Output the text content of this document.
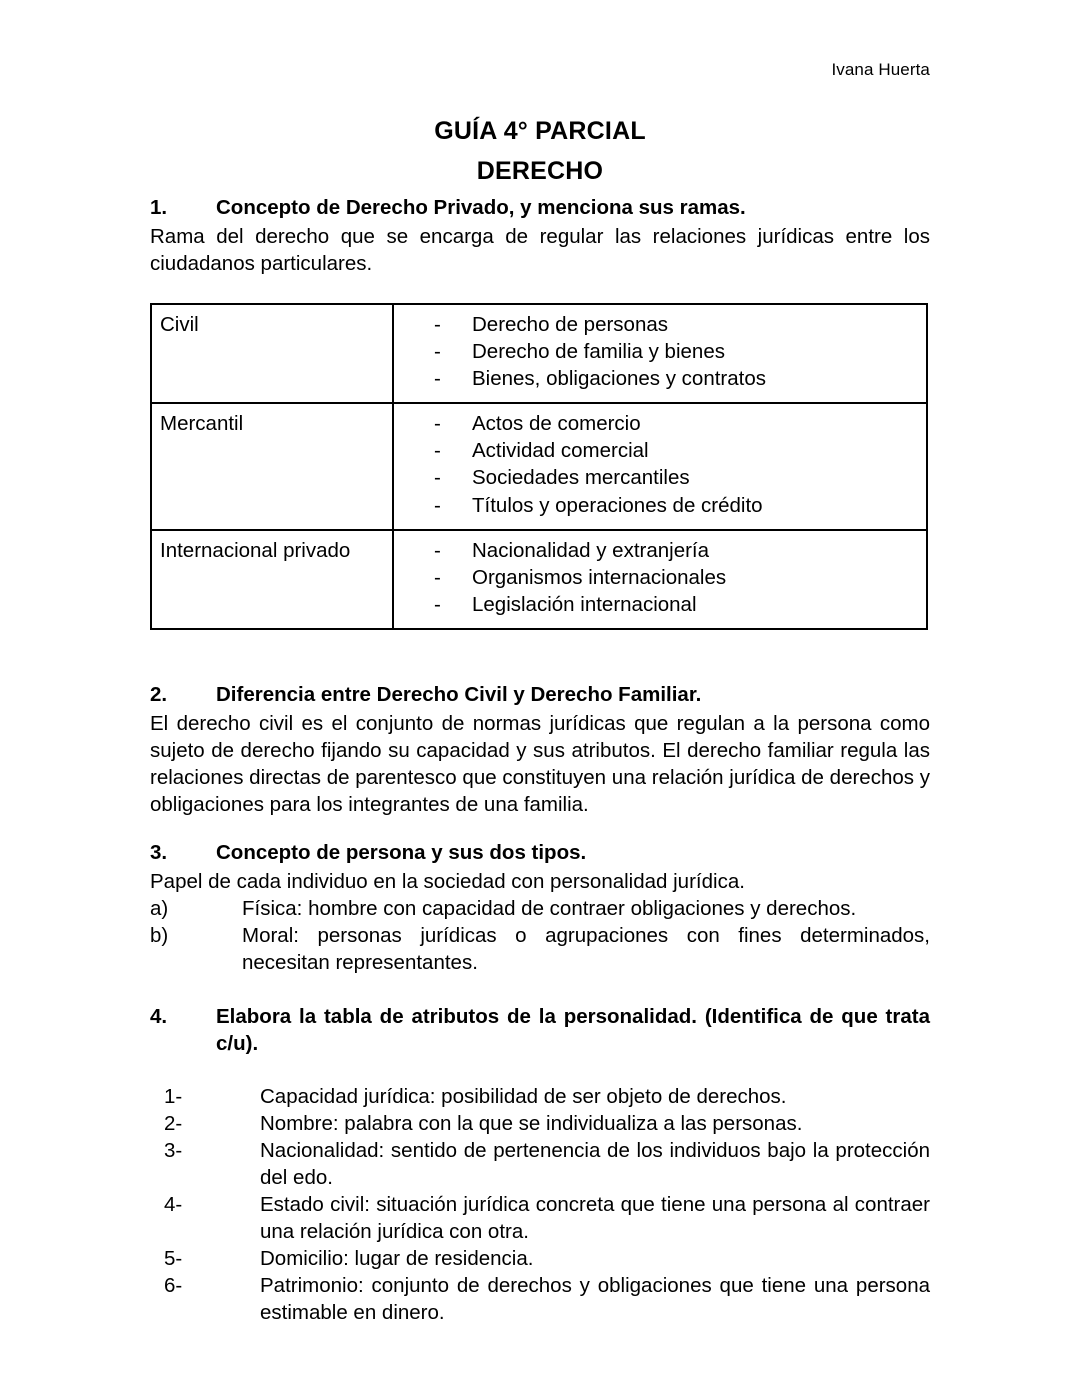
Ivana Huerta
GUÍA 4° PARCIAL
DERECHO
1. Concepto de Derecho Privado, y menciona sus ramas.
Rama del derecho que se encarga de regular las relaciones jurídicas entre los ciudadanos particulares.
Civil	-	Derecho de personas
-	Derecho de familia y bienes
-	Bienes, obligaciones y contratos

Mercantil	-	Actos de comercio
-	Actividad comercial
-	Sociedades mercantiles
-	Títulos y operaciones de crédito

Internacional privado	-	Nacionalidad y extranjería
-	Organismos internacionales
-	Legislación internacional
2. Diferencia entre Derecho Civil y Derecho Familiar.
El derecho civil es el conjunto de normas jurídicas que regulan a la persona como sujeto de derecho fijando su capacidad y sus atributos. El derecho familiar regula las relaciones directas de parentesco que constituyen una relación jurídica de derechos y obligaciones para los integrantes de una familia.
3. Concepto de persona y sus dos tipos.
Papel de cada individuo en la sociedad con personalidad jurídica.
a)	Física: hombre con capacidad de contraer obligaciones y derechos.
b)	Moral: personas jurídicas o agrupaciones con fines determinados, necesitan representantes.
4. Elabora la tabla de atributos de la personalidad. (Identifica de que trata c/u).
1-	Capacidad jurídica: posibilidad de ser objeto de derechos.
2-	Nombre: palabra con la que se individualiza a las personas.
3-	Nacionalidad: sentido de pertenencia de los individuos bajo la protección del edo.
4-	Estado civil: situación jurídica concreta que tiene una persona al contraer una relación jurídica con otra.
5-	Domicilio: lugar de residencia.
6-	Patrimonio: conjunto de derechos y obligaciones que tiene una persona estimable en dinero.
